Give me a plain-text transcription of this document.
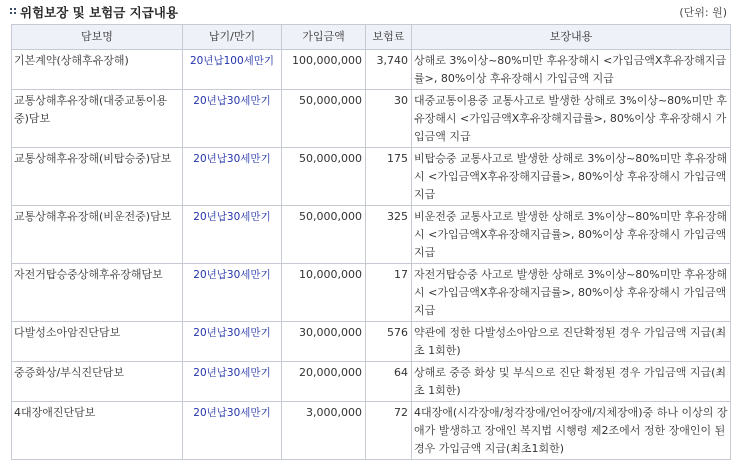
위험보장 및 보험금 지급내용	(단위: 원)
담보명	납기/만기	가입금액	보험료	보장내용
기본계약(상해후유장해)	20년납100세만기	100,000,000	3,740	상해로 3%이상~80%미만 후유장해시 <가입금액X후유장해지급률>, 80%이상 후유장해시 가입금액 지급
교통상해후유장해(대중교통이용중)담보	20년납30세만기	50,000,000	30	대중교통이용중 교통사고로 발생한 상해로 3%이상~80%미만 후유장해시 <가입금액X후유장해지급률>, 80%이상 후유장해시 가입금액 지급
교통상해후유장해(비탑승중)담보	20년납30세만기	50,000,000	175	비탑승중 교통사고로 발생한 상해로 3%이상~80%미만 후유장해시 <가입금액X후유장해지급률>, 80%이상 후유장해시 가입금액 지급
교통상해후유장해(비운전중)담보	20년납30세만기	50,000,000	325	비운전중 교통사고로 발생한 상해로 3%이상~80%미만 후유장해시 <가입금액X후유장해지급률>, 80%이상 후유장해시 가입금액 지급
자전거탑승중상해후유장해담보	20년납30세만기	10,000,000	17	자전거탑승중 사고로 발생한 상해로 3%이상~80%미만 후유장해시 <가입금액X후유장해지급률>, 80%이상 후유장해시 가입금액 지급
다발성소아암진단담보	20년납30세만기	30,000,000	576	약관에 정한 다발성소아암으로 진단확정된 경우 가입금액 지급(최초 1회한)
중증화상/부식진단담보	20년납30세만기	20,000,000	64	상해로 중증 화상 및 부식으로 진단 확정된 경우 가입금액 지급(최초 1회한)
4대장애진단담보	20년납30세만기	3,000,000	72	4대장애(시각장애/청각장애/언어장애/지체장애)중 하나 이상의 장애가 발생하고 장애인 복지법 시행령 제2조에서 정한 장애인이 된 경우 가입금액 지급(최초1회한)
